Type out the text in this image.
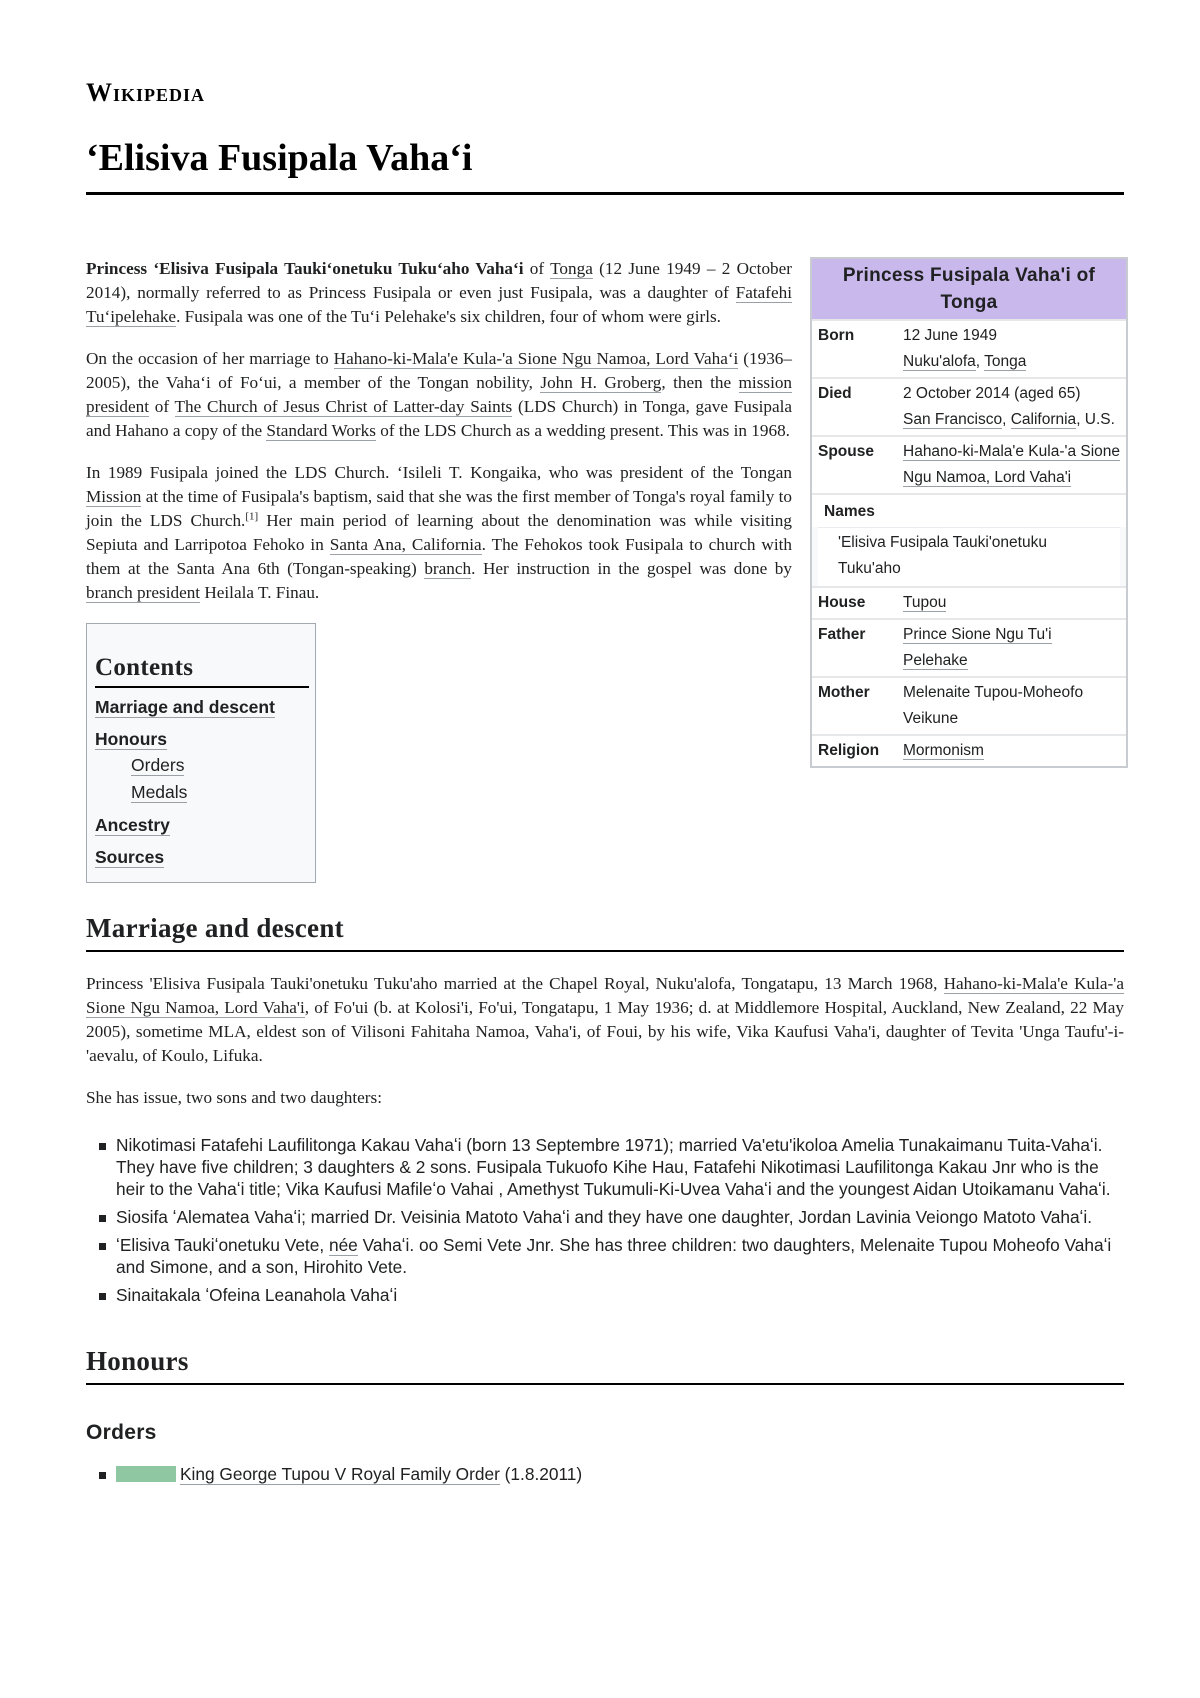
Wikipedia
ʻElisiva Fusipala Vahaʻi
Princess Fusipala Vaha'i of Tonga
Born	12 June 1949
Nuku'alofa, Tonga
Died	2 October 2014 (aged 65)
San Francisco, California, U.S.
Spouse	Hahano-ki-Mala'e Kula-'a Sione Ngu Namoa, Lord Vaha'i
Names
'Elisiva Fusipala Tauki'onetuku Tuku'aho
House	Tupou
Father	Prince Sione Ngu Tu'i Pelehake
Mother	Melenaite Tupou-Moheofo Veikune
Religion	Mormonism

Princess ʻElisiva Fusipala Taukiʻonetuku Tukuʻaho Vahaʻi of Tonga (12 June 1949 – 2 October 2014), normally referred to as Princess Fusipala or even just Fusipala, was a daughter of Fatafehi Tuʻipelehake. Fusipala was one of the Tuʻi Pelehake's six children, four of whom were girls.

On the occasion of her marriage to Hahano-ki-Mala'e Kula-'a Sione Ngu Namoa, Lord Vahaʻi (1936–2005), the Vahaʻi of Foʻui, a member of the Tongan nobility, John H. Groberg, then the mission president of The Church of Jesus Christ of Latter-day Saints (LDS Church) in Tonga, gave Fusipala and Hahano a copy of the Standard Works of the LDS Church as a wedding present. This was in 1968.

In 1989 Fusipala joined the LDS Church. ʻIsileli T. Kongaika, who was president of the Tongan Mission at the time of Fusipala's baptism, said that she was the first member of Tonga's royal family to join the LDS Church.[1] Her main period of learning about the denomination was while visiting Sepiuta and Larripotoa Fehoko in Santa Ana, California. The Fehokos took Fusipala to church with them at the Santa Ana 6th (Tongan-speaking) branch. Her instruction in the gospel was done by branch president Heilala T. Finau.

Contents
Marriage and descent
Honours
Orders
Medals
Ancestry
Sources
Marriage and descent

Princess 'Elisiva Fusipala Tauki'onetuku Tuku'aho married at the Chapel Royal, Nuku'alofa, Tongatapu, 13 March 1968, Hahano-ki-Mala'e Kula-'a Sione Ngu Namoa, Lord Vaha'i, of Fo'ui (b. at Kolosi'i, Fo'ui, Tongatapu, 1 May 1936; d. at Middlemore Hospital, Auckland, New Zealand, 22 May 2005), sometime MLA, eldest son of Vilisoni Fahitaha Namoa, Vaha'i, of Foui, by his wife, Vika Kaufusi Vaha'i, daughter of Tevita 'Unga Taufu'-i-'aevalu, of Koulo, Lifuka.

She has issue, two sons and two daughters:

Nikotimasi Fatafehi Laufilitonga Kakau Vahaʻi (born 13 Septembre 1971); married Va'etu'ikoloa Amelia Tunakaimanu Tuita-Vahaʻi. They have five children; 3 daughters & 2 sons. Fusipala Tukuofo Kihe Hau, Fatafehi Nikotimasi Laufilitonga Kakau Jnr who is the heir to the Vahaʻi title; Vika Kaufusi Mafileʻo Vahai , Amethyst Tukumuli-Ki-Uvea Vahaʻi and the youngest Aidan Utoikamanu Vahaʻi.
Siosifa ʻAlematea Vahaʻi; married Dr. Veisinia Matoto Vahaʻi and they have one daughter, Jordan Lavinia Veiongo Matoto Vahaʻi.
ʻElisiva Taukiʻonetuku Vete, née Vahaʻi. oo Semi Vete Jnr. She has three children: two daughters, Melenaite Tupou Moheofo Vahaʻi and Simone, and a son, Hirohito Vete.
Sinaitakala ʻOfeina Leanahola Vahaʻi
Honours
Orders
King George Tupou V Royal Family Order (1.8.2011)
